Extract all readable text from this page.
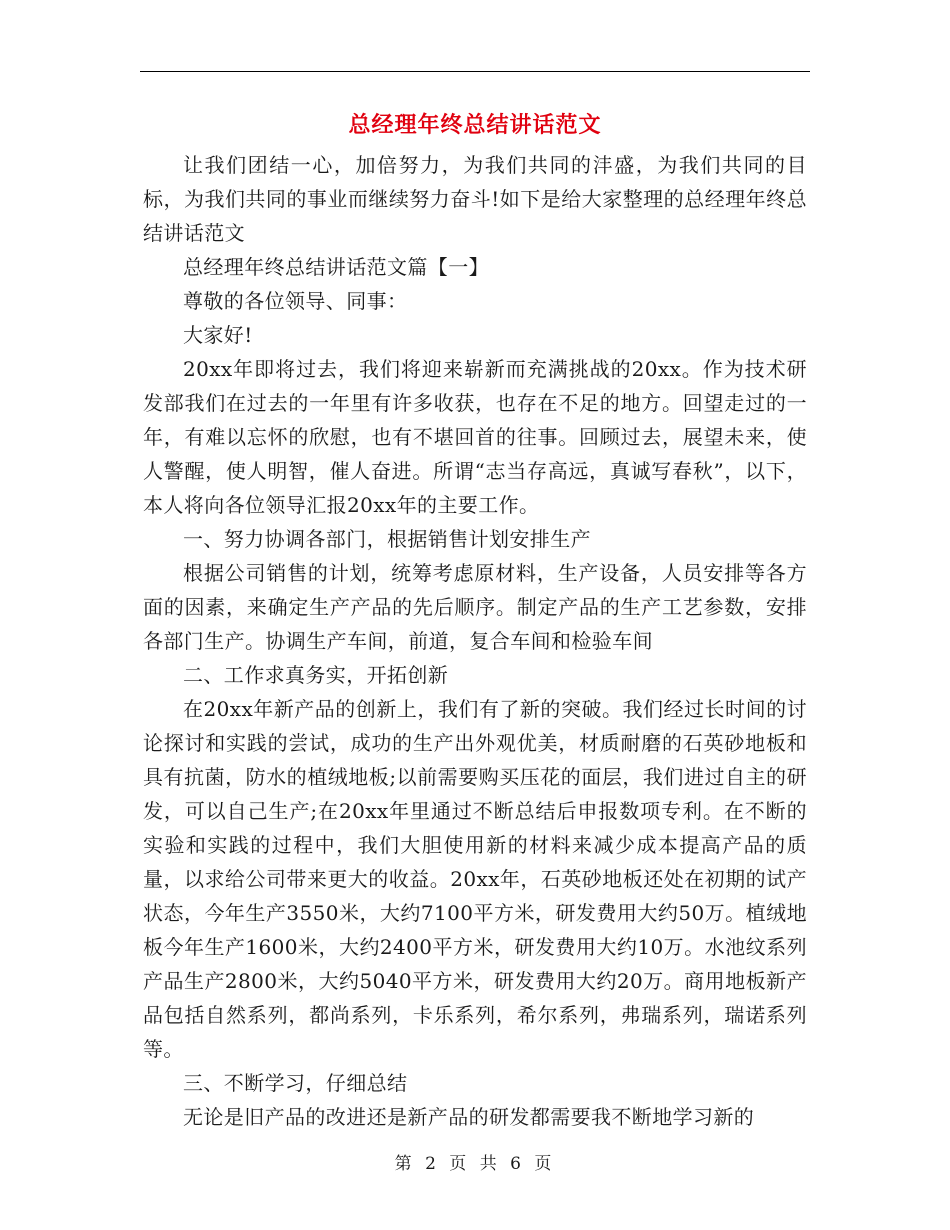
总经理年终总结讲话范文

让我们团结一心，加倍努力，为我们共同的沣盛，为我们共同的目标，为我们共同的事业而继续努力奋斗!如下是给大家整理的总经理年终总结讲话范文

总经理年终总结讲话范文篇【一】

尊敬的各位领导、同事：

大家好!

20xx年即将过去，我们将迎来崭新而充满挑战的20xx。作为技术研发部我们在过去的一年里有许多收获，也存在不足的地方。回望走过的一年，有难以忘怀的欣慰，也有不堪回首的往事。回顾过去，展望未来，使人警醒，使人明智，催人奋进。所谓“志当存高远，真诚写春秋”，以下，本人将向各位领导汇报20xx年的主要工作。

一、努力协调各部门，根据销售计划安排生产

根据公司销售的计划，统筹考虑原材料，生产设备，人员安排等各方面的因素，来确定生产产品的先后顺序。制定产品的生产工艺参数，安排各部门生产。协调生产车间，前道，复合车间和检验车间

二、工作求真务实，开拓创新

在20xx年新产品的创新上，我们有了新的突破。我们经过长时间的讨论探讨和实践的尝试，成功的生产出外观优美，材质耐磨的石英砂地板和具有抗菌，防水的植绒地板;以前需要购买压花的面层，我们进过自主的研发，可以自己生产;在20xx年里通过不断总结后申报数项专利。在不断的实验和实践的过程中，我们大胆使用新的材料来减少成本提高产品的质量，以求给公司带来更大的收益。20xx年，石英砂地板还处在初期的试产状态，今年生产3550米，大约7100平方米，研发费用大约50万。植绒地板今年生产1600米，大约2400平方米，研发费用大约10万。水池纹系列产品生产2800米，大约5040平方米，研发费用大约20万。商用地板新产品包括自然系列，都尚系列，卡乐系列，希尔系列，弗瑞系列，瑞诺系列等。

三、不断学习，仔细总结

无论是旧产品的改进还是新产品的研发都需要我不断地学习新的

第 2 页 共 6 页
